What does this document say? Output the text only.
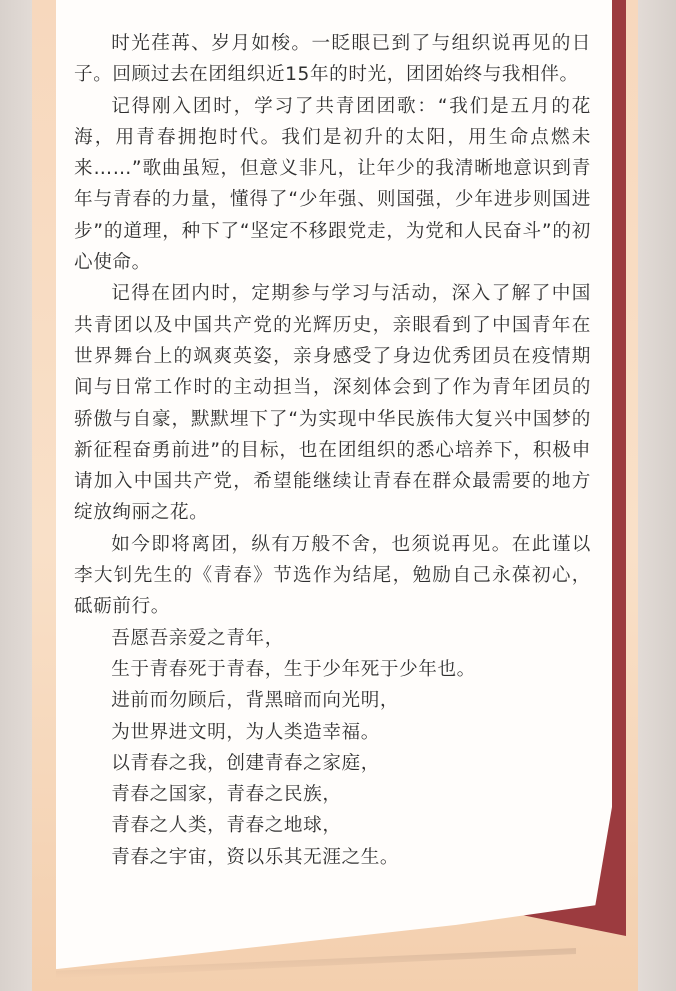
时光荏苒、岁月如梭。一眨眼已到了与组织说再见的日子。回顾过去在团组织近15年的时光，团团始终与我相伴。

记得刚入团时，学习了共青团团歌：“我们是五月的花海，用青春拥抱时代。我们是初升的太阳，用生命点燃未来……”歌曲虽短，但意义非凡，让年少的我清晰地意识到青年与青春的力量，懂得了“少年强、则国强，少年进步则国进步”的道理，种下了“坚定不移跟党走，为党和人民奋斗”的初心使命。

记得在团内时，定期参与学习与活动，深入了解了中国共青团以及中国共产党的光辉历史，亲眼看到了中国青年在世界舞台上的飒爽英姿，亲身感受了身边优秀团员在疫情期间与日常工作时的主动担当，深刻体会到了作为青年团员的骄傲与自豪，默默埋下了“为实现中华民族伟大复兴中国梦的新征程奋勇前进”的目标，也在团组织的悉心培养下，积极申请加入中国共产党，希望能继续让青春在群众最需要的地方绽放绚丽之花。

如今即将离团，纵有万般不舍，也须说再见。在此谨以李大钊先生的《青春》节选作为结尾，勉励自己永葆初心，砥砺前行。

吾愿吾亲爱之青年，

生于青春死于青春，生于少年死于少年也。

进前而勿顾后，背黑暗而向光明，

为世界进文明，为人类造幸福。

以青春之我，创建青春之家庭，

青春之国家，青春之民族，

青春之人类，青春之地球，

青春之宇宙，资以乐其无涯之生。
